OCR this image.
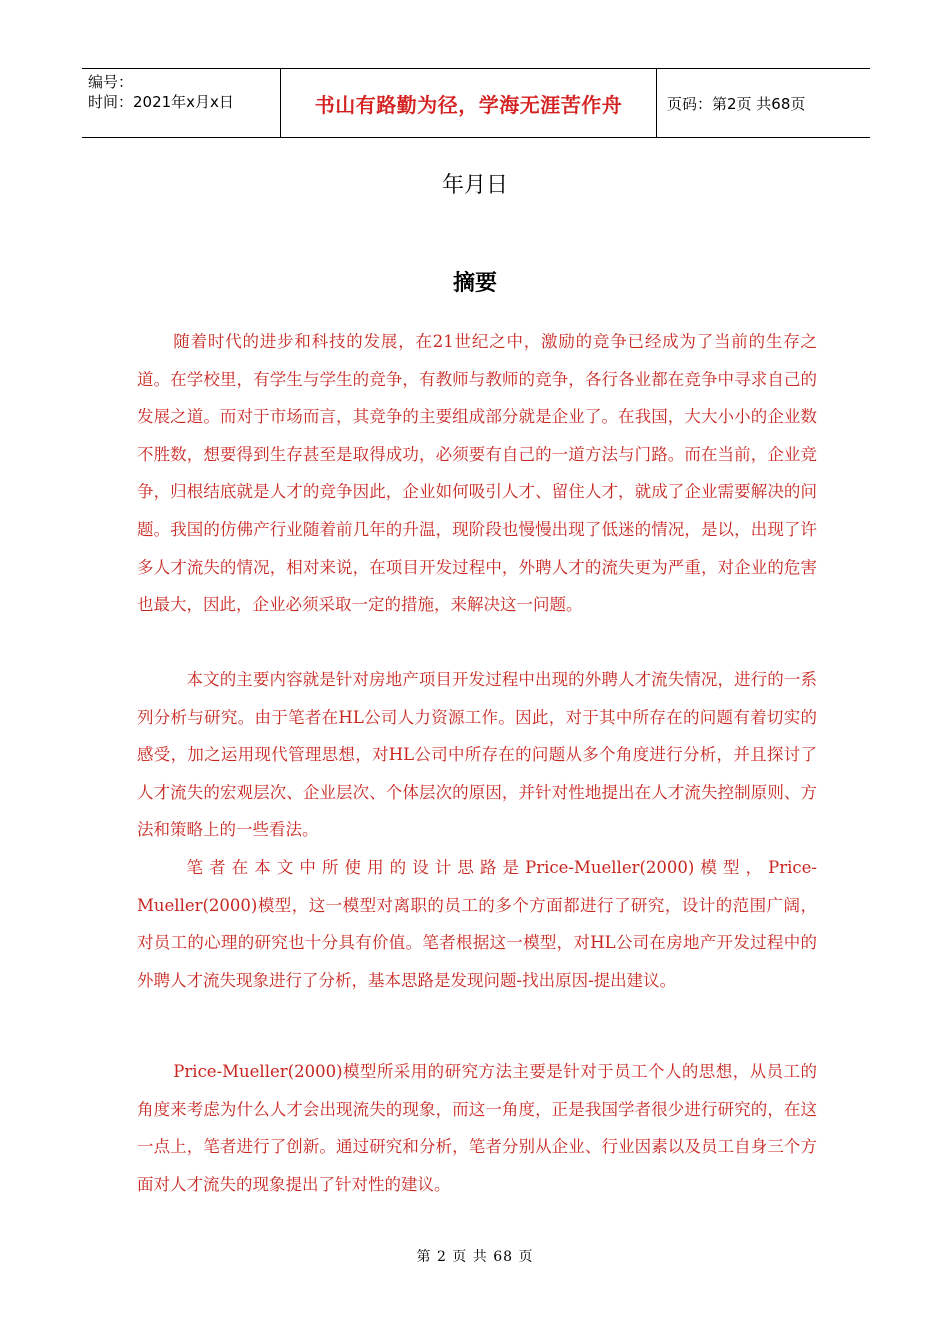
编号：
时间：2021年x月x日	书山有路勤为径，学海无涯苦作舟	页码：第2页 共68页
年月日
摘要

随着时代的进步和科技的发展，在21世纪之中，激励的竞争已经成为了当前的生存之道。在学校里，有学生与学生的竞争，有教师与教师的竞争，各行各业都在竞争中寻求自己的发展之道。而对于市场而言，其竞争的主要组成部分就是企业了。在我国，大大小小的企业数不胜数，想要得到生存甚至是取得成功，必须要有自己的一道方法与门路。而在当前，企业竞争，归根结底就是人才的竞争因此，企业如何吸引人才、留住人才，就成了企业需要解决的问题。我国的仿佛产行业随着前几年的升温，现阶段也慢慢出现了低迷的情况，是以，出现了许多人才流失的情况，相对来说，在项目开发过程中，外聘人才的流失更为严重，对企业的危害也最大，因此，企业必须采取一定的措施，来解决这一问题。

本文的主要内容就是针对房地产项目开发过程中出现的外聘人才流失情况，进行的一系列分析与研究。由于笔者在HL公司人力资源工作。因此，对于其中所存在的问题有着切实的感受，加之运用现代管理思想，对HL公司中所存在的问题从多个角度进行分析，并且探讨了人才流失的宏观层次、企业层次、个体层次的原因，并针对性地提出在人才流失控制原则、方法和策略上的一些看法。

笔者在本文中所使用的设计思路是Price-Mueller(2000)模型，Price-Mueller(2000)模型，这一模型对离职的员工的多个方面都进行了研究，设计的范围广阔，对员工的心理的研究也十分具有价值。笔者根据这一模型，对HL公司在房地产开发过程中的外聘人才流失现象进行了分析，基本思路是发现问题-找出原因-提出建议。

Price-Mueller(2000)模型所采用的研究方法主要是针对于员工个人的思想，从员工的角度来考虑为什么人才会出现流失的现象，而这一角度，正是我国学者很少进行研究的，在这一点上，笔者进行了创新。通过研究和分析，笔者分别从企业、行业因素以及员工自身三个方面对人才流失的现象提出了针对性的建议。

第 2 页 共 68 页
